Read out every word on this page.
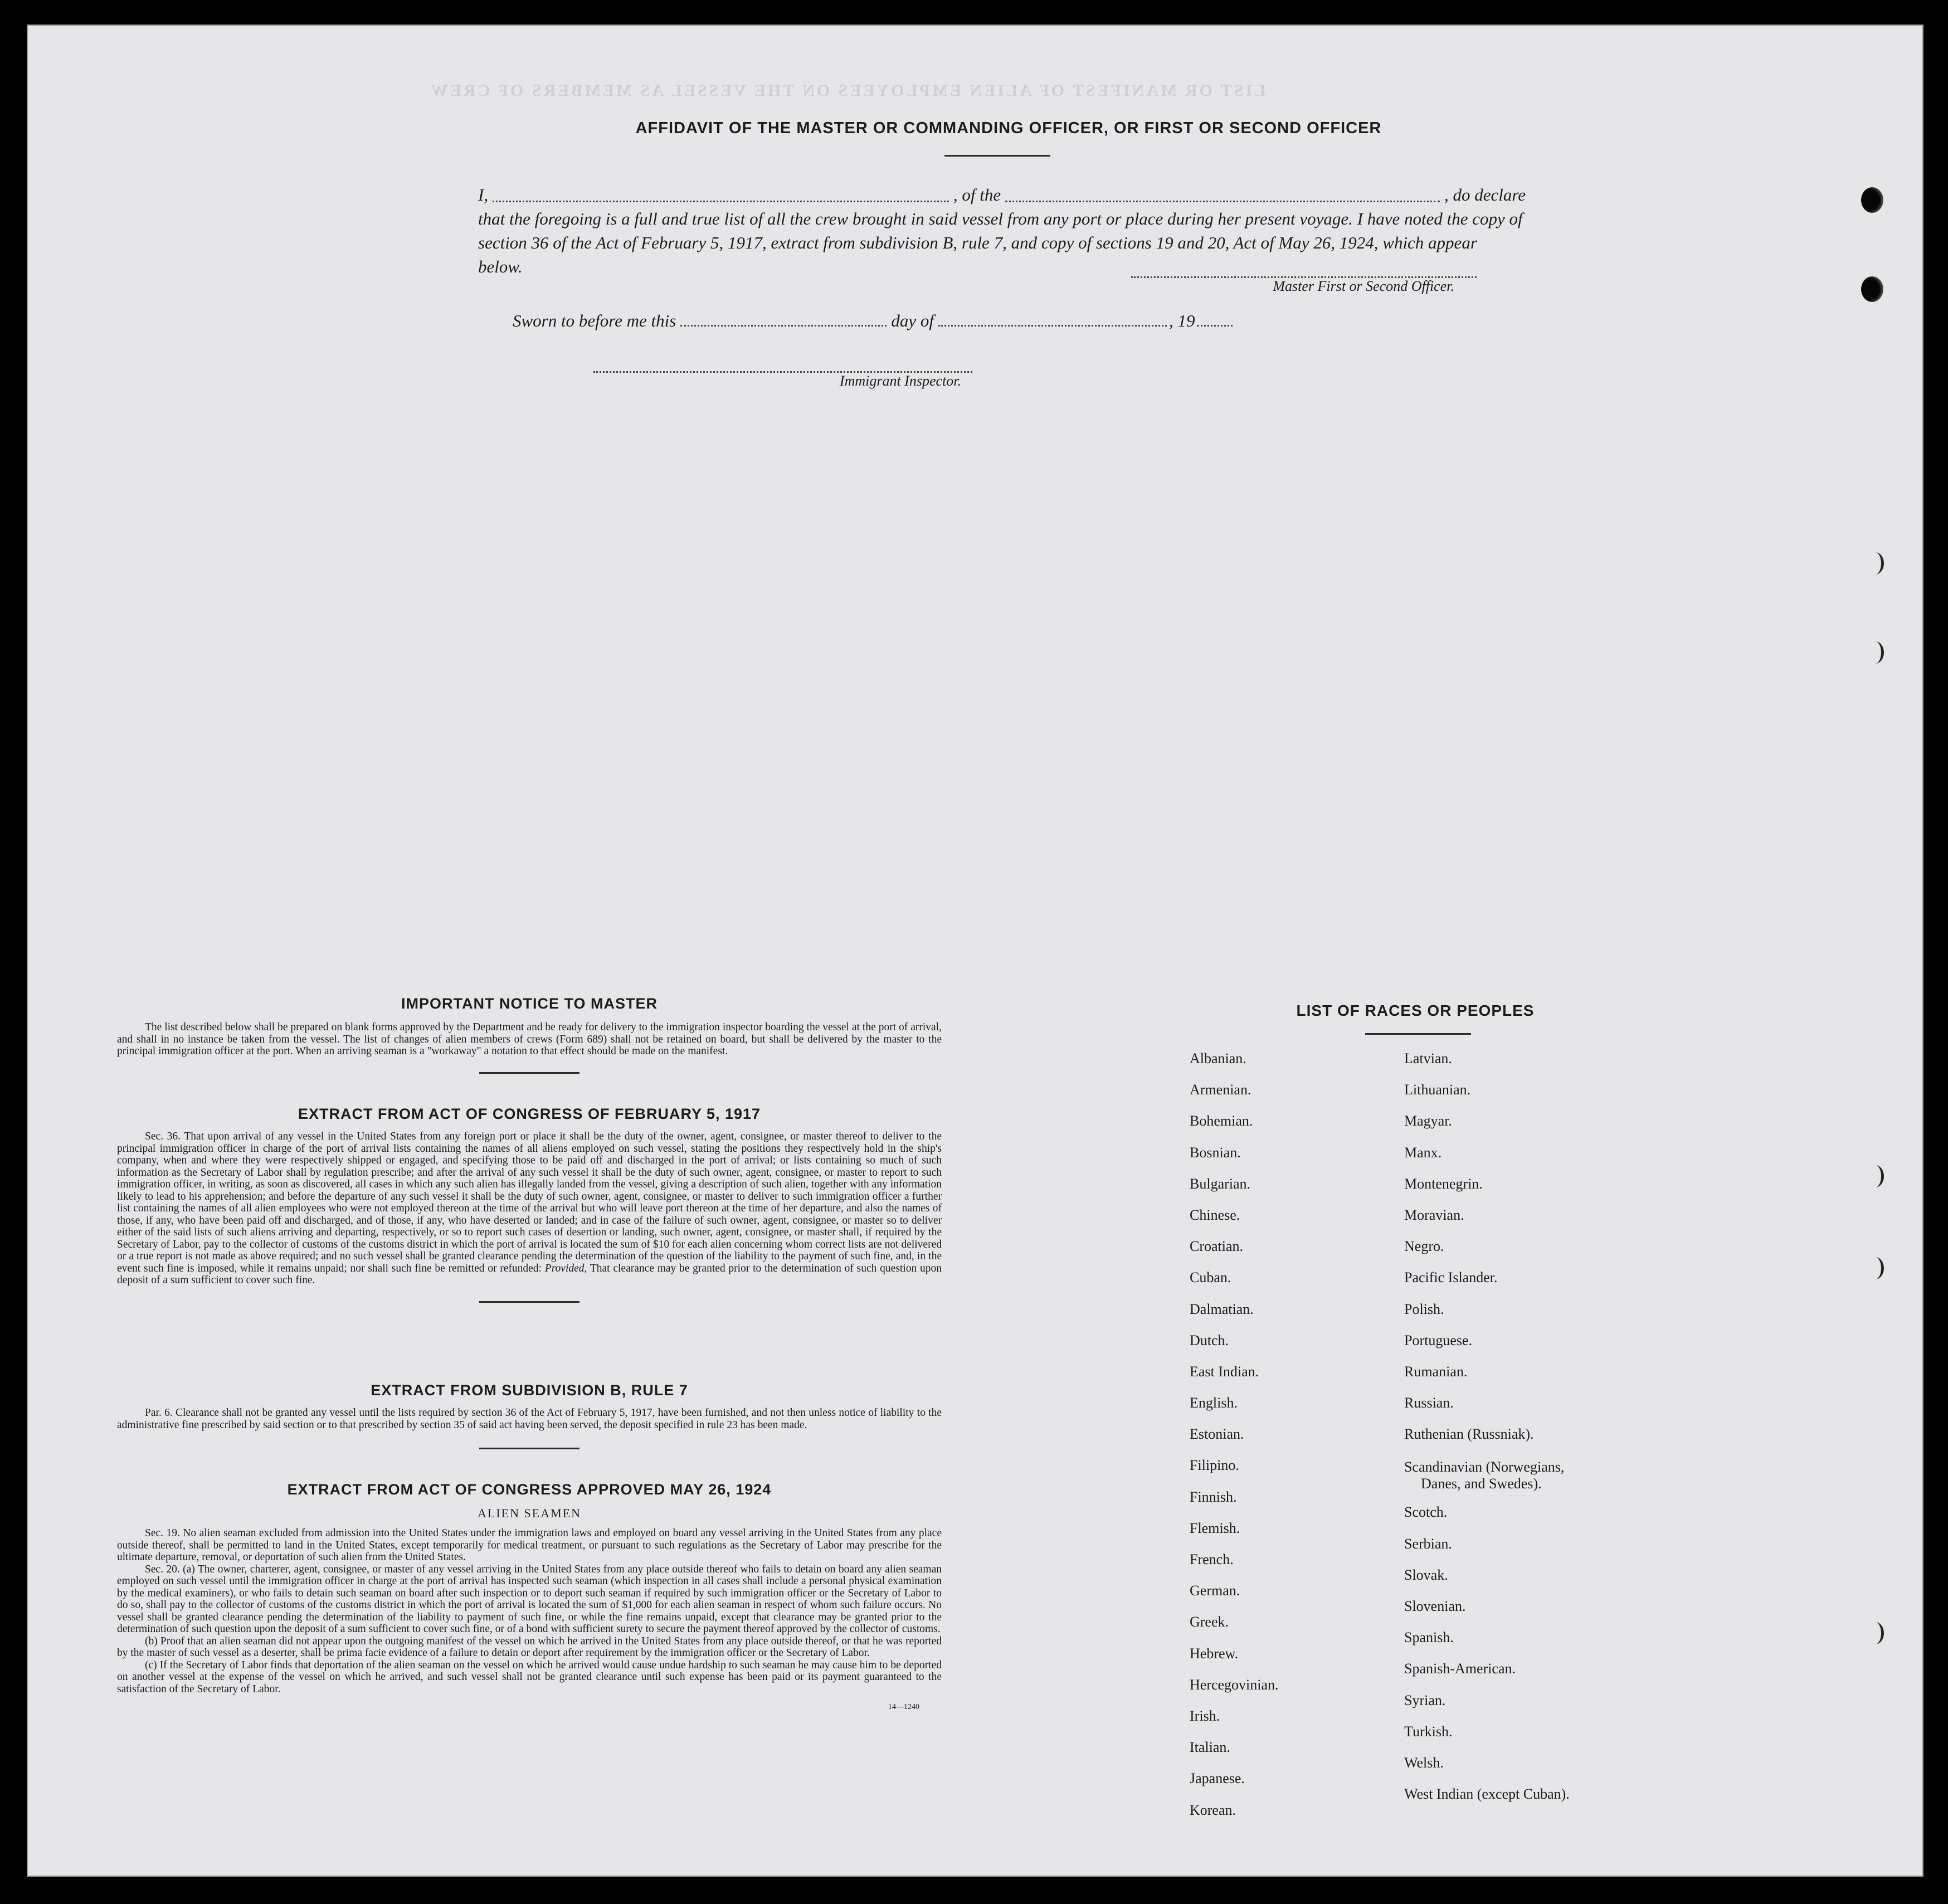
LIST OR MANIFEST OF ALIEN EMPLOYEES ON THE VESSEL AS MEMBERS OF CREW
AFFIDAVIT OF THE MASTER OR COMMANDING OFFICER, OR FIRST OR SECOND OFFICER
I,	, of the	, do declare
that the foregoing is a full and true list of all the crew brought in said vessel from any port or place during her present voyage. I have noted the copy of section 36 of the Act of February 5, 1917, extract from subdivision B, rule 7, and copy of sections 19 and 20, Act of May 26, 1924, which appear below.
Master First or Second Officer.
Sworn to before me this	day of	, 19
Immigrant Inspector.
IMPORTANT NOTICE TO MASTER
The list described below shall be prepared on blank forms approved by the Department and be ready for delivery to the immigration inspector boarding the vessel at the port of arrival, and shall in no instance be taken from the vessel. The list of changes of alien members of crews (Form 689) shall not be retained on board, but shall be delivered by the master to the principal immigration officer at the port. When an arriving seaman is a "workaway" a notation to that effect should be made on the manifest.
EXTRACT FROM ACT OF CONGRESS OF FEBRUARY 5, 1917
Sec. 36. That upon arrival of any vessel in the United States from any foreign port or place it shall be the duty of the owner, agent, consignee, or master thereof to deliver to the principal immigration officer in charge of the port of arrival lists containing the names of all aliens employed on such vessel, stating the positions they respectively hold in the ship's company, when and where they were respectively shipped or engaged, and specifying those to be paid off and discharged in the port of arrival; or lists containing so much of such information as the Secretary of Labor shall by regulation prescribe; and after the arrival of any such vessel it shall be the duty of such owner, agent, consignee, or master to report to such immigration officer, in writing, as soon as discovered, all cases in which any such alien has illegally landed from the vessel, giving a description of such alien, together with any information likely to lead to his apprehension; and before the departure of any such vessel it shall be the duty of such owner, agent, consignee, or master to deliver to such immigration officer a further list containing the names of all alien employees who were not employed thereon at the time of the arrival but who will leave port thereon at the time of her departure, and also the names of those, if any, who have been paid off and discharged, and of those, if any, who have deserted or landed; and in case of the failure of such owner, agent, consignee, or master so to deliver either of the said lists of such aliens arriving and departing, respectively, or so to report such cases of desertion or landing, such owner, agent, consignee, or master shall, if required by the Secretary of Labor, pay to the collector of customs of the customs district in which the port of arrival is located the sum of $10 for each alien concerning whom correct lists are not delivered or a true report is not made as above required; and no such vessel shall be granted clearance pending the determination of the question of the liability to the payment of such fine, and, in the event such fine is imposed, while it remains unpaid; nor shall such fine be remitted or refunded: Provided, That clearance may be granted prior to the determination of such question upon deposit of a sum sufficient to cover such fine.
EXTRACT FROM SUBDIVISION B, RULE 7
Par. 6. Clearance shall not be granted any vessel until the lists required by section 36 of the Act of February 5, 1917, have been furnished, and not then unless notice of liability to the administrative fine prescribed by said section or to that prescribed by section 35 of said act having been served, the deposit specified in rule 23 has been made.
EXTRACT FROM ACT OF CONGRESS APPROVED MAY 26, 1924
ALIEN SEAMEN
Sec. 19. No alien seaman excluded from admission into the United States under the immigration laws and employed on board any vessel arriving in the United States from any place outside thereof, shall be permitted to land in the United States, except temporarily for medical treatment, or pursuant to such regulations as the Secretary of Labor may prescribe for the ultimate departure, removal, or deportation of such alien from the United States.
Sec. 20. (a) The owner, charterer, agent, consignee, or master of any vessel arriving in the United States from any place outside thereof who fails to detain on board any alien seaman employed on such vessel until the immigration officer in charge at the port of arrival has inspected such seaman (which inspection in all cases shall include a personal physical examination by the medical examiners), or who fails to detain such seaman on board after such inspection or to deport such seaman if required by such immigration officer or the Secretary of Labor to do so, shall pay to the collector of customs of the customs district in which the port of arrival is located the sum of $1,000 for each alien seaman in respect of whom such failure occurs. No vessel shall be granted clearance pending the determination of the liability to payment of such fine, or while the fine remains unpaid, except that clearance may be granted prior to the determination of such question upon the deposit of a sum sufficient to cover such fine, or of a bond with sufficient surety to secure the payment thereof approved by the collector of customs.
(b) Proof that an alien seaman did not appear upon the outgoing manifest of the vessel on which he arrived in the United States from any place outside thereof, or that he was reported by the master of such vessel as a deserter, shall be prima facie evidence of a failure to detain or deport after requirement by the immigration officer or the Secretary of Labor.
(c) If the Secretary of Labor finds that deportation of the alien seaman on the vessel on which he arrived would cause undue hardship to such seaman he may cause him to be deported on another vessel at the expense of the vessel on which he arrived, and such vessel shall not be granted clearance until such expense has been paid or its payment guaranteed to the satisfaction of the Secretary of Labor.
14—1240
LIST OF RACES OR PEOPLES
Albanian.
Armenian.
Bohemian.
Bosnian.
Bulgarian.
Chinese.
Croatian.
Cuban.
Dalmatian.
Dutch.
East Indian.
English.
Estonian.
Filipino.
Finnish.
Flemish.
French.
German.
Greek.
Hebrew.
Hercegovinian.
Irish.
Italian.
Japanese.
Korean.
Latvian.
Lithuanian.
Magyar.
Manx.
Montenegrin.
Moravian.
Negro.
Pacific Islander.
Polish.
Portuguese.
Rumanian.
Russian.
Ruthenian (Russniak).
Scandinavian (Norwegians,
Danes, and Swedes).
Scotch.
Serbian.
Slovak.
Slovenian.
Spanish.
Spanish-American.
Syrian.
Turkish.
Welsh.
West Indian (except Cuban).
